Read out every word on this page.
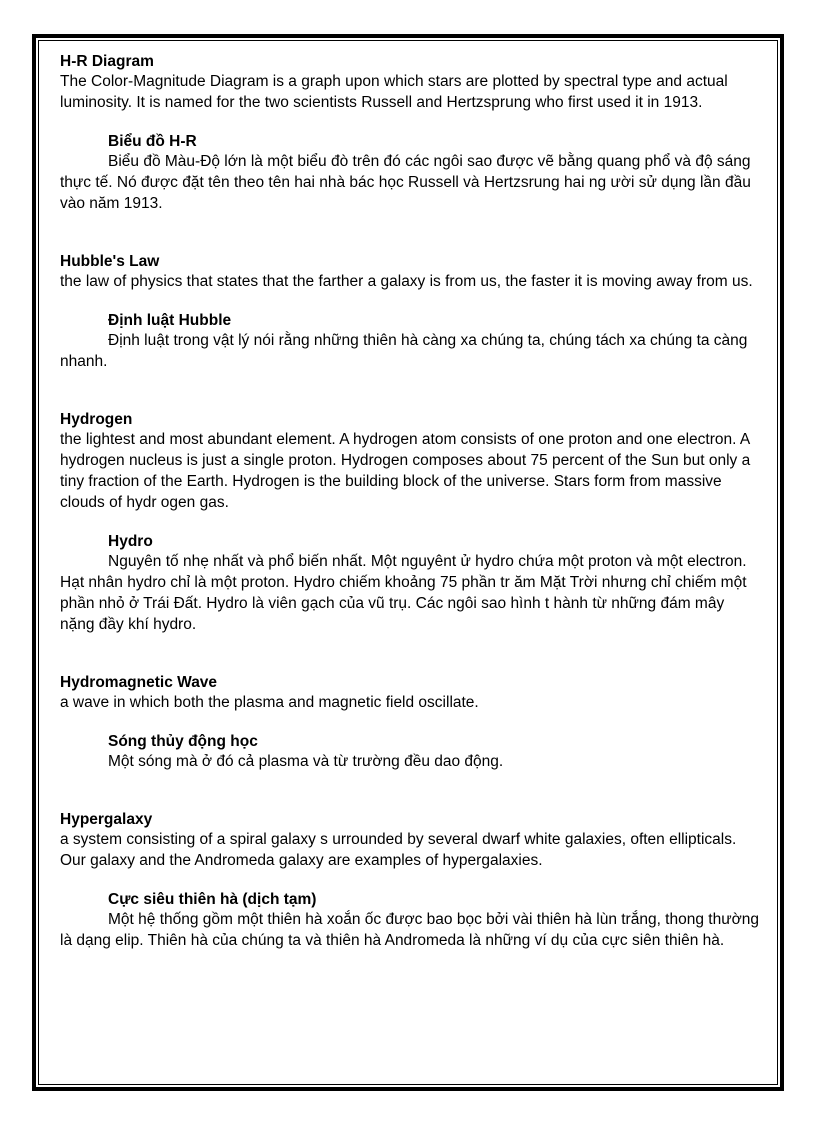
H-R Diagram

The Color-Magnitude Diagram is a graph upon which stars are plotted by spectral type and actual luminosity. It is named for the two scientists Russell and Hertzsprung who first used it in 1913.

Biểu đồ H-R

Biểu đồ Màu-Độ lớn là một biểu đò trên đó các ngôi sao được vẽ bằng quang phổ và độ sáng thực tế. Nó được đặt tên theo tên hai nhà bác học Russell và Hertzsrung hai ng ười sử dụng lần đầu vào năm 1913.

Hubble's Law

the law of physics that states that the farther a galaxy is from us, the faster it is moving away from us.

Định luật Hubble

Định luật trong vật lý nói rằng những thiên hà càng xa chúng ta, chúng tách xa chúng ta càng nhanh.

Hydrogen

the lightest and most abundant element. A hydrogen atom consists of one proton and one electron. A hydrogen nucleus is just a single proton. Hydrogen composes about 75 percent of the Sun but only a tiny fraction of the Earth. Hydrogen is the building block of the universe. Stars form from massive clouds of hydr ogen gas.

Hydro

Nguyên tố nhẹ nhất và phổ biến nhất. Một nguyênt ử hydro chứa một proton và một electron. Hạt nhân hydro chỉ là một proton. Hydro chiếm khoảng 75 phần tr ăm Mặt Trời nhưng chỉ chiếm một phần nhỏ ở Trái Đất. Hydro là viên gạch của vũ trụ. Các ngôi sao hình t hành từ những đám mây nặng đầy khí hydro.

Hydromagnetic Wave

a wave in which both the plasma and magnetic field oscillate.

Sóng thủy động học

Một sóng mà ở đó cả plasma và từ trường đều dao động.

Hypergalaxy

a system consisting of a spiral galaxy s urrounded by several dwarf white galaxies, often ellipticals. Our galaxy and the Andromeda galaxy are examples of hypergalaxies.

Cực siêu thiên hà (dịch tạm)

Một hệ thống gồm một thiên hà xoắn ốc được bao bọc bởi vài thiên hà lùn trắng, thong thường là dạng elip. Thiên hà của chúng ta và thiên hà Andromeda là những ví dụ của cực siên thiên hà.
